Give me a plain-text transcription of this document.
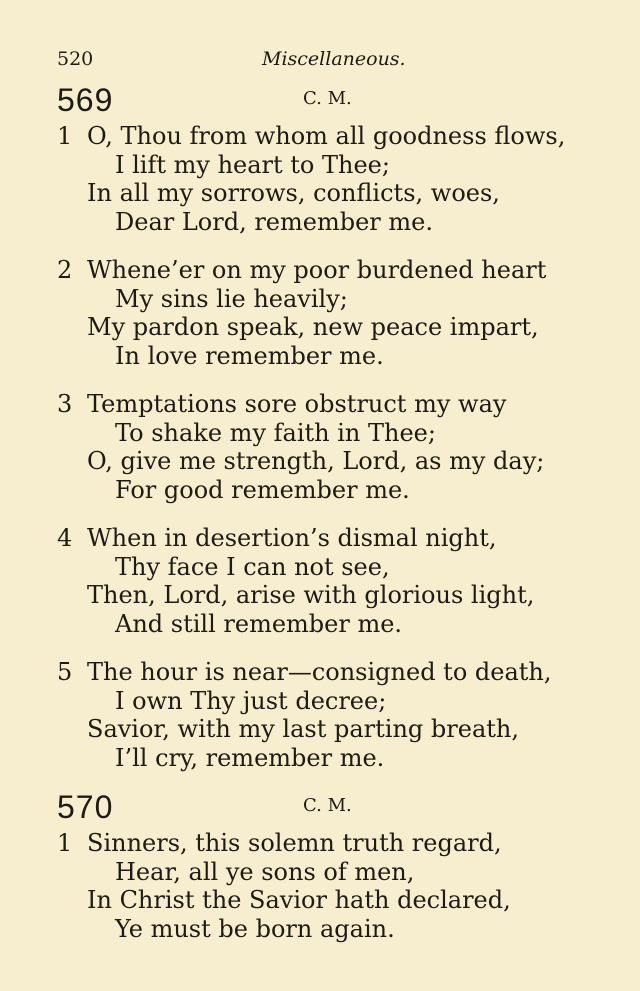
520	Miscellaneous.
569	C. M.
1 O, Thou from whom all goodness flows,
I lift my heart to Thee;
In all my sorrows, conflicts, woes,
Dear Lord, remember me.
2 Whene’er on my poor burdened heart
My sins lie heavily;
My pardon speak, new peace impart,
In love remember me.
3 Temptations sore obstruct my way
To shake my faith in Thee;
O, give me strength, Lord, as my day;
For good remember me.
4 When in desertion’s dismal night,
Thy face I can not see,
Then, Lord, arise with glorious light,
And still remember me.
5 The hour is near—consigned to death,
I own Thy just decree;
Savior, with my last parting breath,
I’ll cry, remember me.
570	C. M.
1 Sinners, this solemn truth regard,
Hear, all ye sons of men,
In Christ the Savior hath declared,
Ye must be born again.
